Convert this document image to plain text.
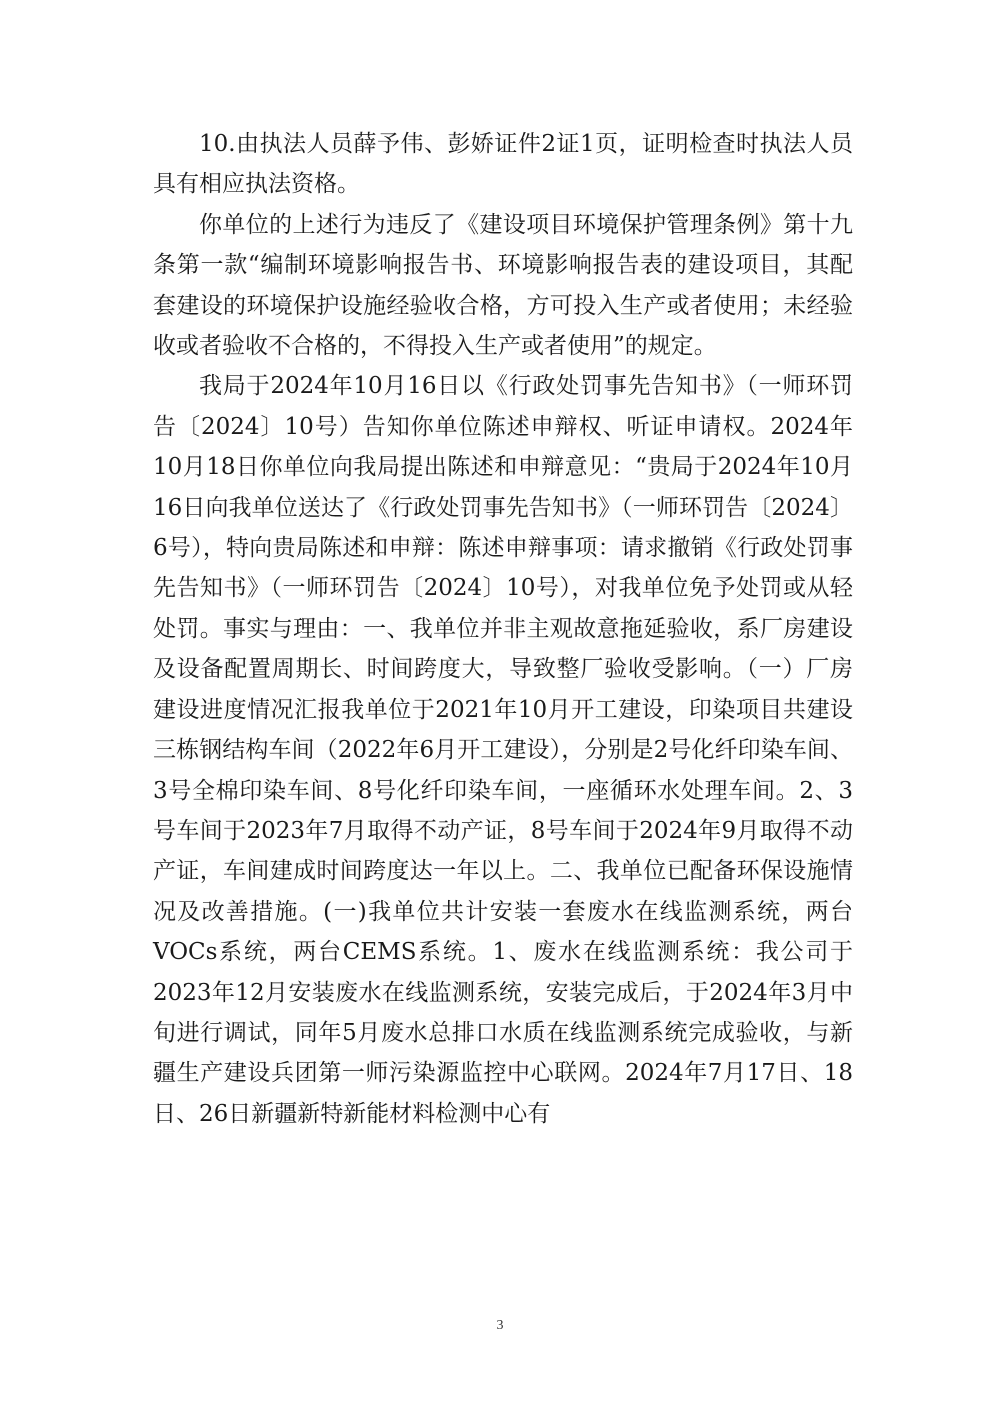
10.由执法人员薛予伟、彭娇证件2证1页，证明检查时执法人员具有相应执法资格。

你单位的上述行为违反了《建设项目环境保护管理条例》第十九条第一款“编制环境影响报告书、环境影响报告表的建设项目，其配套建设的环境保护设施经验收合格，方可投入生产或者使用；未经验收或者验收不合格的，不得投入生产或者使用”的规定。

我局于2024年10月16日以《行政处罚事先告知书》（一师环罚告〔2024〕10号）告知你单位陈述申辩权、听证申请权。2024年10月18日你单位向我局提出陈述和申辩意见：“贵局于2024年10月16日向我单位送达了《行政处罚事先告知书》（一师环罚告〔2024〕6号），特向贵局陈述和申辩：陈述申辩事项：请求撤销《行政处罚事先告知书》（一师环罚告〔2024〕10号），对我单位免予处罚或从轻处罚。事实与理由：一、我单位并非主观故意拖延验收，系厂房建设及设备配置周期长、时间跨度大，导致整厂验收受影响。（一）厂房建设进度情况汇报我单位于2021年10月开工建设，印染项目共建设三栋钢结构车间（2022年6月开工建设），分别是2号化纤印染车间、3号全棉印染车间、8号化纤印染车间，一座循环水处理车间。2、3号车间于2023年7月取得不动产证，8号车间于2024年9月取得不动产证，车间建成时间跨度达一年以上。二、我单位已配备环保设施情况及改善措施。(一)我单位共计安装一套废水在线监测系统，两台VOCs系统，两台CEMS系统。1、废水在线监测系统：我公司于2023年12月安装废水在线监测系统，安装完成后，于2024年3月中旬进行调试，同年5月废水总排口水质在线监测系统完成验收，与新疆生产建设兵团第一师污染源监控中心联网。2024年7月17日、18日、26日新疆新特新能材料检测中心有

3
